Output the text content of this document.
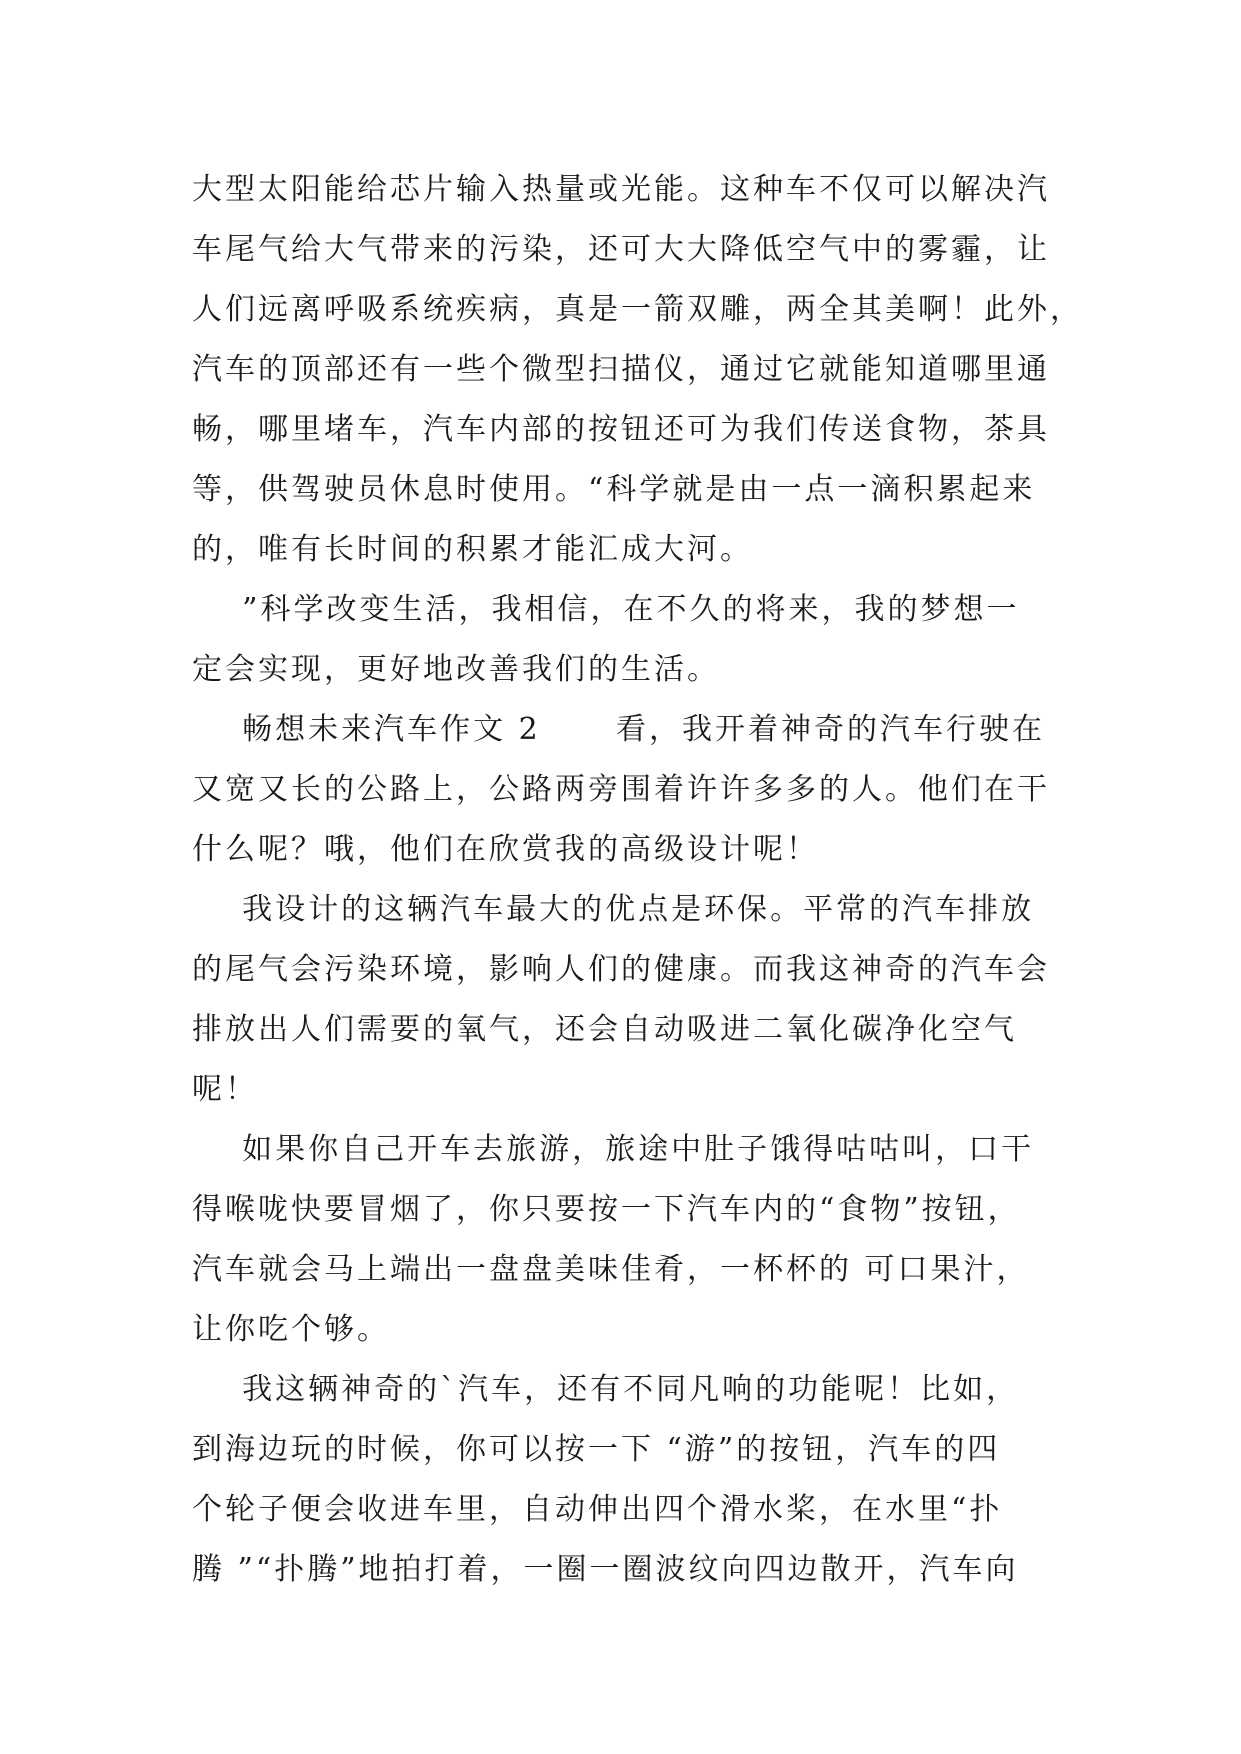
大型太阳能给芯片输入热量或光能。这种车不仅可以解决汽
车尾气给大气带来的污染，还可大大降低空气中的雾霾，让
人们远离呼吸系统疾病，真是一箭双雕，两全其美啊！此外，
汽车的顶部还有一些个微型扫描仪，通过它就能知道哪里通
畅，哪里堵车，汽车内部的按钮还可为我们传送食物，茶具
等，供驾驶员休息时使用。“科学就是由一点一滴积累起来
的，唯有长时间的积累才能汇成大河。
”科学改变生活，我相信，在不久的将来，我的梦想一
定会实现，更好地改善我们的生活。
畅想未来汽车作文 2      看，我开着神奇的汽车行驶在
又宽又长的公路上，公路两旁围着许许多多的人。他们在干
什么呢？哦，他们在欣赏我的高级设计呢！
我设计的这辆汽车最大的优点是环保。平常的汽车排放
的尾气会污染环境，影响人们的健康。而我这神奇的汽车会
排放出人们需要的氧气，还会自动吸进二氧化碳净化空气
呢！
如果你自己开车去旅游，旅途中肚子饿得咕咕叫，口干
得喉咙快要冒烟了，你只要按一下汽车内的“食物”按钮，
汽车就会马上端出一盘盘美味佳肴，一杯杯的 可口果汁，
让你吃个够。
我这辆神奇的`汽车，还有不同凡响的功能呢！比如，
到海边玩的时候，你可以按一下 “游”的按钮，汽车的四
个轮子便会收进车里，自动伸出四个滑水桨，在水里“扑
腾 ”“扑腾”地拍打着，一圈一圈波纹向四边散开，汽车向
